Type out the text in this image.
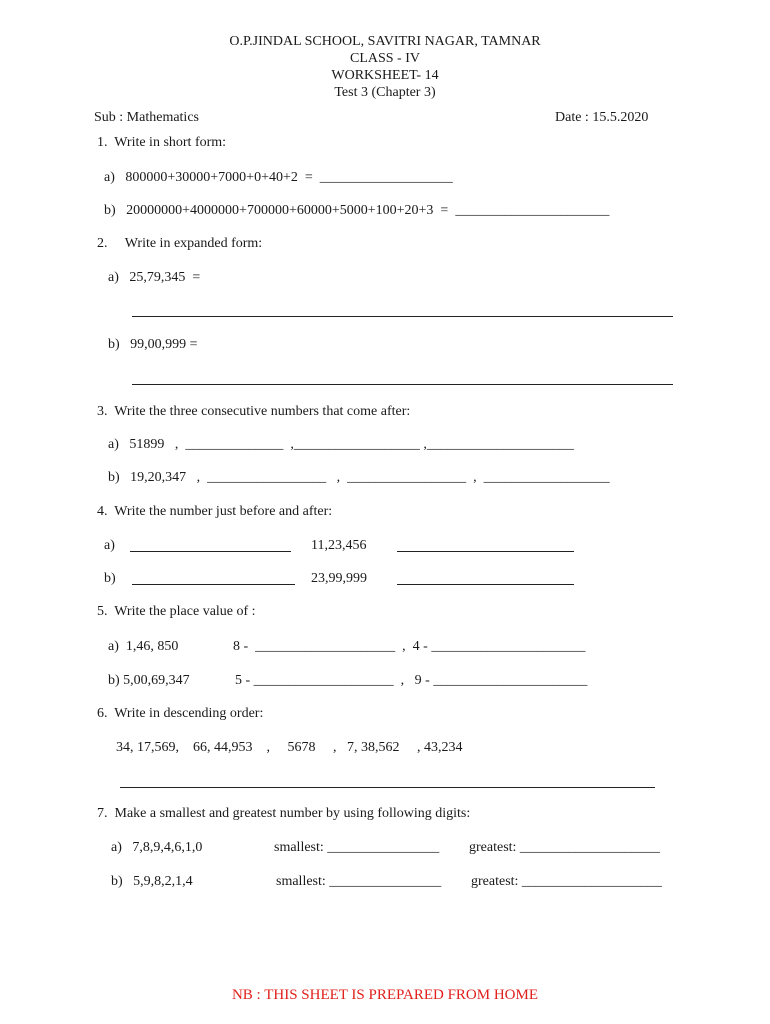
O.P.JINDAL SCHOOL, SAVITRI NAGAR, TAMNAR
CLASS - IV
WORKSHEET- 14
Test 3 (Chapter 3)
Sub : Mathematics	Date : 15.5.2020
1.  Write in short form:
a)   800000+30000+7000+0+40+2  =  ___________________
b)   20000000+4000000+700000+60000+5000+100+20+3  =  ______________________
2.     Write in expanded form:
a)   25,79,345  =
b)   99,00,999 =
3.  Write the three consecutive numbers that come after:
a)   51899   ,  ______________  ,__________________ ,_____________________
b)   19,20,347   ,  _________________   ,  _________________  ,  __________________
4.  Write the number just before and after:
a)	11,23,456
b)	23,99,999
5.  Write the place value of :
a)  1,46, 850	8 -  ____________________  ,  4 - ______________________
b) 5,00,69,347	5 - ____________________  ,   9 - ______________________
6.  Write in descending order:
34, 17,569,    66, 44,953    ,     5678     ,   7, 38,562     , 43,234
7.  Make a smallest and greatest number by using following digits:
a)   7,8,9,4,6,1,0	smallest: ________________ greatest: ____________________
b)   5,9,8,2,1,4	smallest: ________________ greatest: ____________________
NB : THIS SHEET IS PREPARED FROM HOME
